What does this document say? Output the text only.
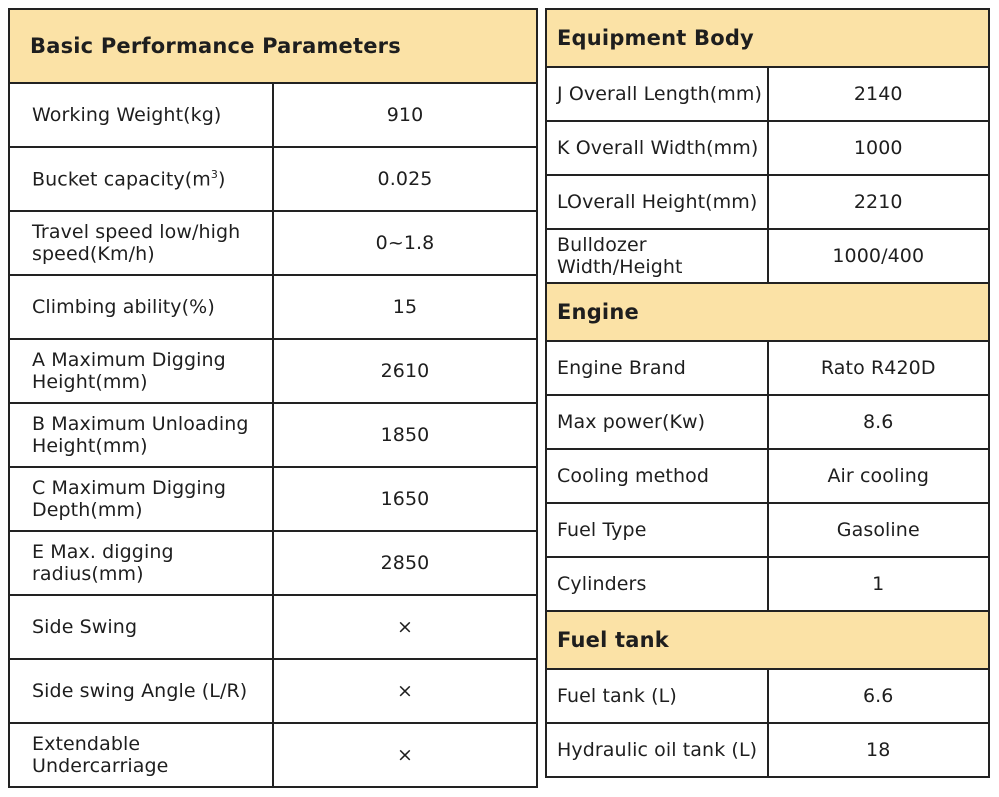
Basic Performance Parameters	
Working Weight(kg)	910
Bucket $capacity(m^3)$	0.025
Travel speed low/high speed(Km/h)	0~1.8
Climbing ability(%)	15
A Maximum Digging Height(mm)	2610
B Maximum Unloading Height(mm)	1850
C Maximum Digging Depth(mm)	1650
E Max. digging radius(mm)	2850
Side Swing	×
Side swing Angle (L/R)	×
Extendable Undercarriage	×
Equipment Body	
J Overall Length(mm)	2140
K Overall Width(mm)	1000
LOverall Height(mm)	2210
Bulldozer Width/Height	1000/400
Engine	
Engine Brand	Rato R420D
Max power(Kw)	8.6
Cooling method	Air cooling
Fuel Type	Gasoline
Cylinders	1
Fuel tank	
Fuel tank (L)	6.6
Hydraulic oil tank (L)	18
